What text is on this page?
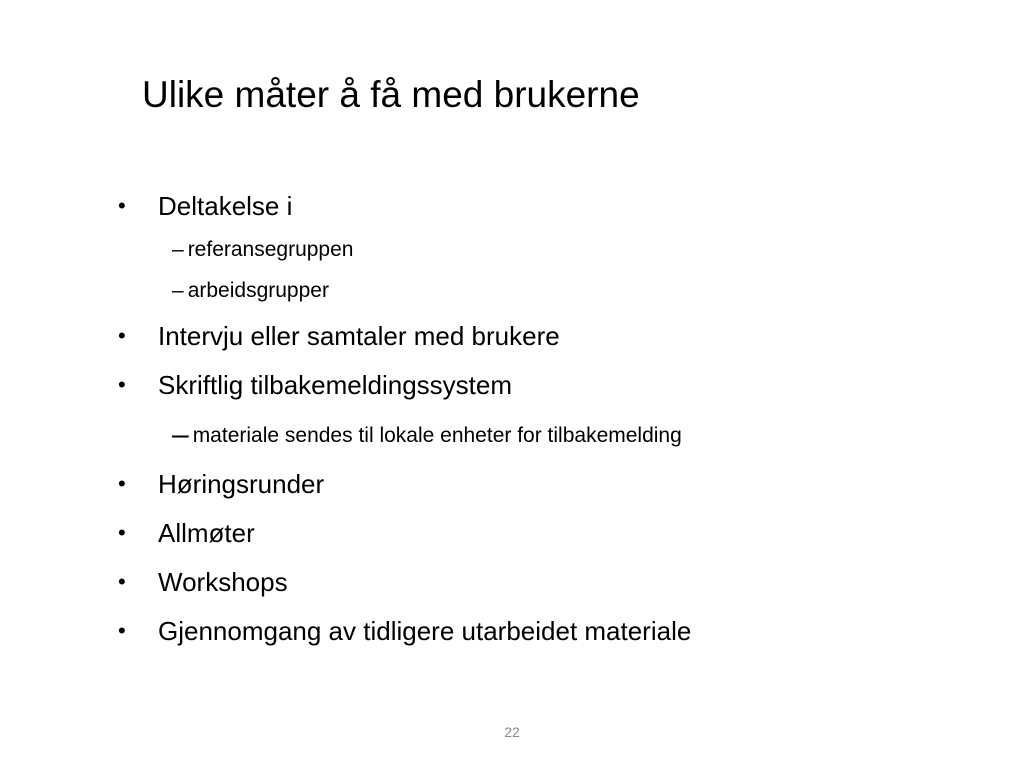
Ulike måter å få med brukerne
• Deltakelse i
– referansegruppen
– arbeidsgrupper
• Intervju eller samtaler med brukere
• Skriftlig tilbakemeldingssystem
– materiale sendes til lokale enheter for tilbakemelding
• Høringsrunder
• Allmøter
• Workshops
• Gjennomgang av tidligere utarbeidet materiale
22
